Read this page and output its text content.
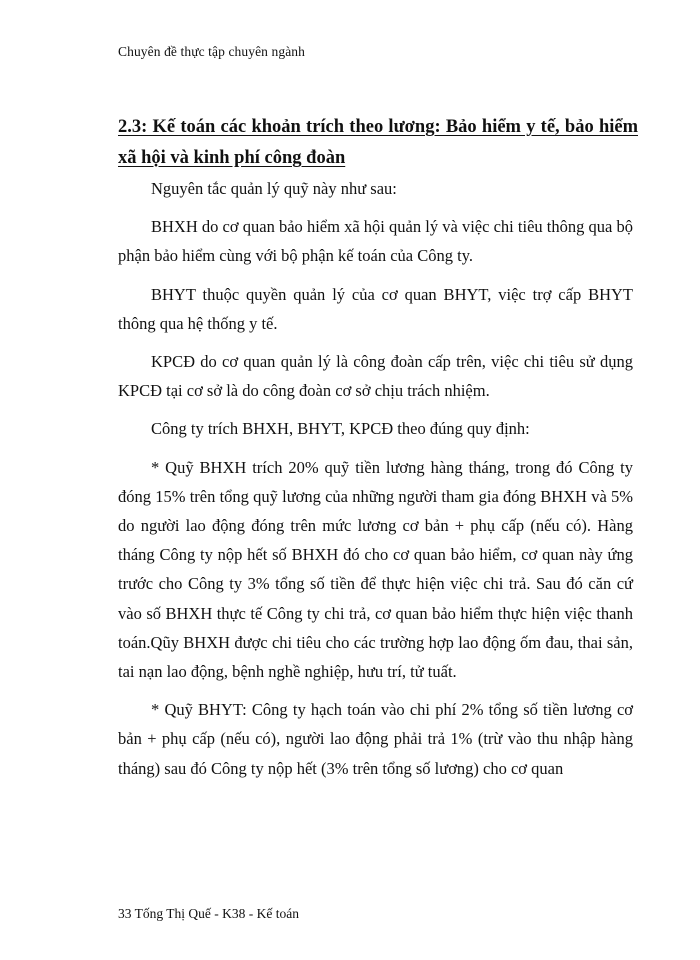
Chuyên đề thực tập chuyên ngành
2.3: Kế toán các khoản trích theo lương: Bảo hiểm y tế, bảo hiểm xã hội và kinh phí công đoàn

Nguyên tắc quản lý quỹ này như sau:

BHXH do cơ quan bảo hiểm xã hội quản lý và việc chi tiêu thông qua bộ phận bảo hiểm cùng với bộ phận kế toán của Công ty.

BHYT thuộc quyền quản lý của cơ quan BHYT, việc trợ cấp BHYT thông qua hệ thống y tế.

KPCĐ do cơ quan quản lý là công đoàn cấp trên, việc chi tiêu sử dụng KPCĐ tại cơ sở là do công đoàn cơ sở chịu trách nhiệm.

Công ty trích BHXH, BHYT, KPCĐ theo đúng quy định:

* Quỹ BHXH trích 20% quỹ tiền lương hàng tháng, trong đó Công ty đóng 15% trên tổng quỹ lương của những người tham gia đóng BHXH và 5% do người lao động đóng trên mức lương cơ bản + phụ cấp (nếu có). Hàng tháng Công ty nộp hết số BHXH đó cho cơ quan bảo hiểm, cơ quan này ứng trước cho Công ty 3% tổng số tiền để thực hiện việc chi trả. Sau đó căn cứ vào số BHXH thực tế Công ty chi trả, cơ quan bảo hiểm thực hiện việc thanh toán.Qũy BHXH được chi tiêu cho các trường hợp lao động ốm đau, thai sản, tai nạn lao động, bệnh nghề nghiệp, hưu trí, tử tuất.

* Quỹ BHYT: Công ty hạch toán vào chi phí 2% tổng số tiền lương cơ bản + phụ cấp (nếu có), người lao động phải trả 1% (trừ vào thu nhập hàng tháng) sau đó Công ty nộp hết (3% trên tổng số lương) cho cơ quan

33 Tống Thị Quế - K38 - Kế toán
